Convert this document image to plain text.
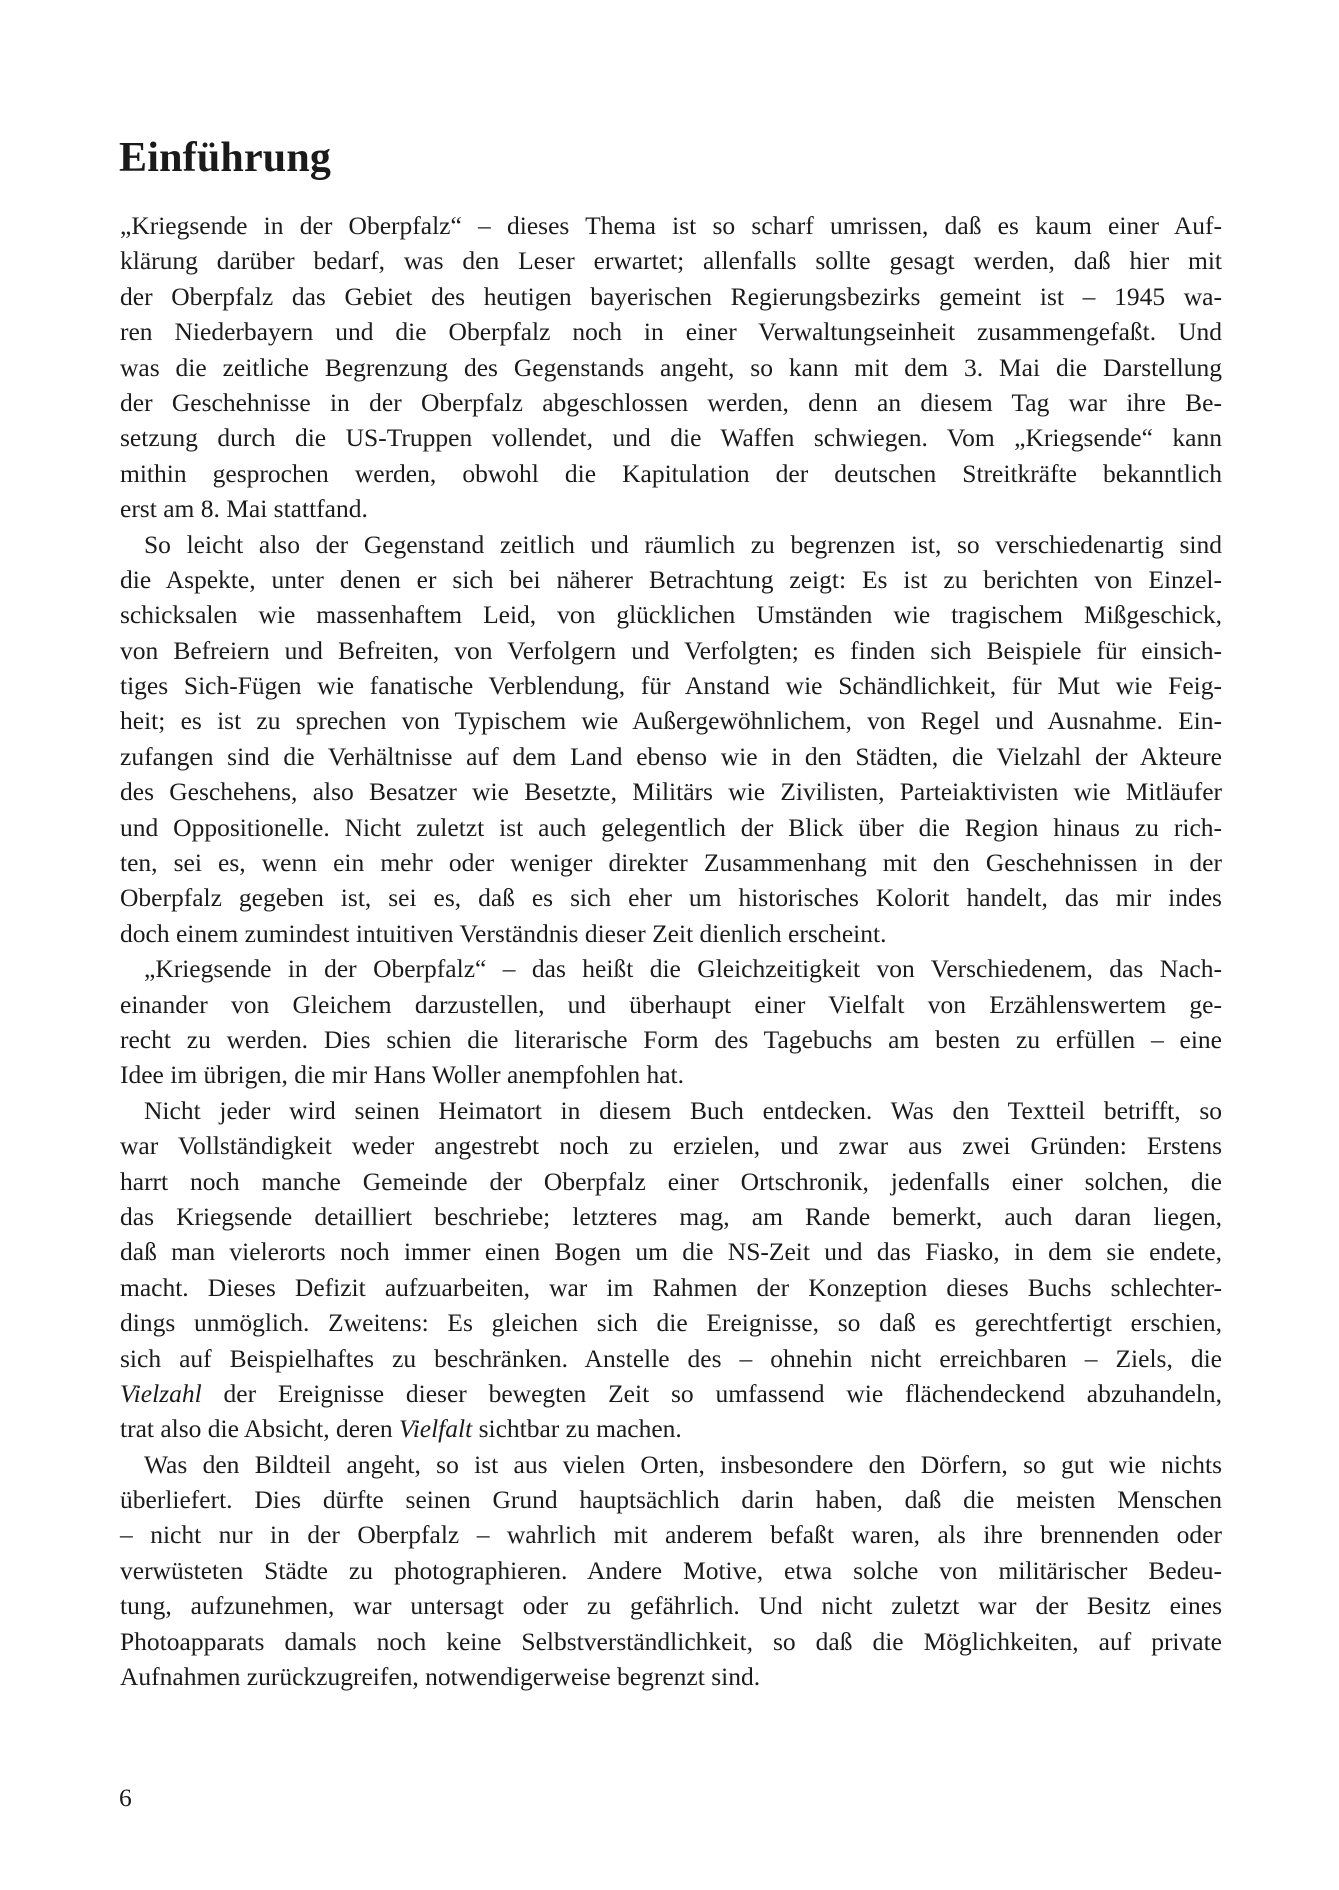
Einführung
„Kriegsende in der Oberpfalz“ – dieses Thema ist so scharf umrissen, daß es kaum einer Auf-
klärung darüber bedarf, was den Leser erwartet; allenfalls sollte gesagt werden, daß hier mit
der Oberpfalz das Gebiet des heutigen bayerischen Regierungsbezirks gemeint ist – 1945 wa-
ren Niederbayern und die Oberpfalz noch in einer Verwaltungseinheit zusammengefaßt. Und
was die zeitliche Begrenzung des Gegenstands angeht, so kann mit dem 3. Mai die Darstellung
der Geschehnisse in der Oberpfalz abgeschlossen werden, denn an diesem Tag war ihre Be-
setzung durch die US-Truppen vollendet, und die Waffen schwiegen. Vom „Kriegsende“ kann
mithin gesprochen werden, obwohl die Kapitulation der deutschen Streitkräfte bekanntlich
erst am 8. Mai stattfand.
So leicht also der Gegenstand zeitlich und räumlich zu begrenzen ist, so verschiedenartig sind
die Aspekte, unter denen er sich bei näherer Betrachtung zeigt: Es ist zu berichten von Einzel-
schicksalen wie massenhaftem Leid, von glücklichen Umständen wie tragischem Mißgeschick,
von Befreiern und Befreiten, von Verfolgern und Verfolgten; es finden sich Beispiele für einsich-
tiges Sich-Fügen wie fanatische Verblendung, für Anstand wie Schändlichkeit, für Mut wie Feig-
heit; es ist zu sprechen von Typischem wie Außergewöhnlichem, von Regel und Ausnahme. Ein-
zufangen sind die Verhältnisse auf dem Land ebenso wie in den Städten, die Vielzahl der Akteure
des Geschehens, also Besatzer wie Besetzte, Militärs wie Zivilisten, Parteiaktivisten wie Mitläufer
und Oppositionelle. Nicht zuletzt ist auch gelegentlich der Blick über die Region hinaus zu rich-
ten, sei es, wenn ein mehr oder weniger direkter Zusammenhang mit den Geschehnissen in der
Oberpfalz gegeben ist, sei es, daß es sich eher um historisches Kolorit handelt, das mir indes
doch einem zumindest intuitiven Verständnis dieser Zeit dienlich erscheint.
„Kriegsende in der Oberpfalz“ – das heißt die Gleichzeitigkeit von Verschiedenem, das Nach-
einander von Gleichem darzustellen, und überhaupt einer Vielfalt von Erzählenswertem ge-
recht zu werden. Dies schien die literarische Form des Tagebuchs am besten zu erfüllen – eine
Idee im übrigen, die mir Hans Woller anempfohlen hat.
Nicht jeder wird seinen Heimatort in diesem Buch entdecken. Was den Textteil betrifft, so
war Vollständigkeit weder angestrebt noch zu erzielen, und zwar aus zwei Gründen: Erstens
harrt noch manche Gemeinde der Oberpfalz einer Ortschronik, jedenfalls einer solchen, die
das Kriegsende detailliert beschriebe; letzteres mag, am Rande bemerkt, auch daran liegen,
daß man vielerorts noch immer einen Bogen um die NS-Zeit und das Fiasko, in dem sie endete,
macht. Dieses Defizit aufzuarbeiten, war im Rahmen der Konzeption dieses Buchs schlechter-
dings unmöglich. Zweitens: Es gleichen sich die Ereignisse, so daß es gerechtfertigt erschien,
sich auf Beispielhaftes zu beschränken. Anstelle des – ohnehin nicht erreichbaren – Ziels, die
Vielzahl der Ereignisse dieser bewegten Zeit so umfassend wie flächendeckend abzuhandeln,
trat also die Absicht, deren Vielfalt sichtbar zu machen.
Was den Bildteil angeht, so ist aus vielen Orten, insbesondere den Dörfern, so gut wie nichts
überliefert. Dies dürfte seinen Grund hauptsächlich darin haben, daß die meisten Menschen
– nicht nur in der Oberpfalz – wahrlich mit anderem befaßt waren, als ihre brennenden oder
verwüsteten Städte zu photographieren. Andere Motive, etwa solche von militärischer Bedeu-
tung, aufzunehmen, war untersagt oder zu gefährlich. Und nicht zuletzt war der Besitz eines
Photoapparats damals noch keine Selbstverständlichkeit, so daß die Möglichkeiten, auf private
Aufnahmen zurückzugreifen, notwendigerweise begrenzt sind.
6
